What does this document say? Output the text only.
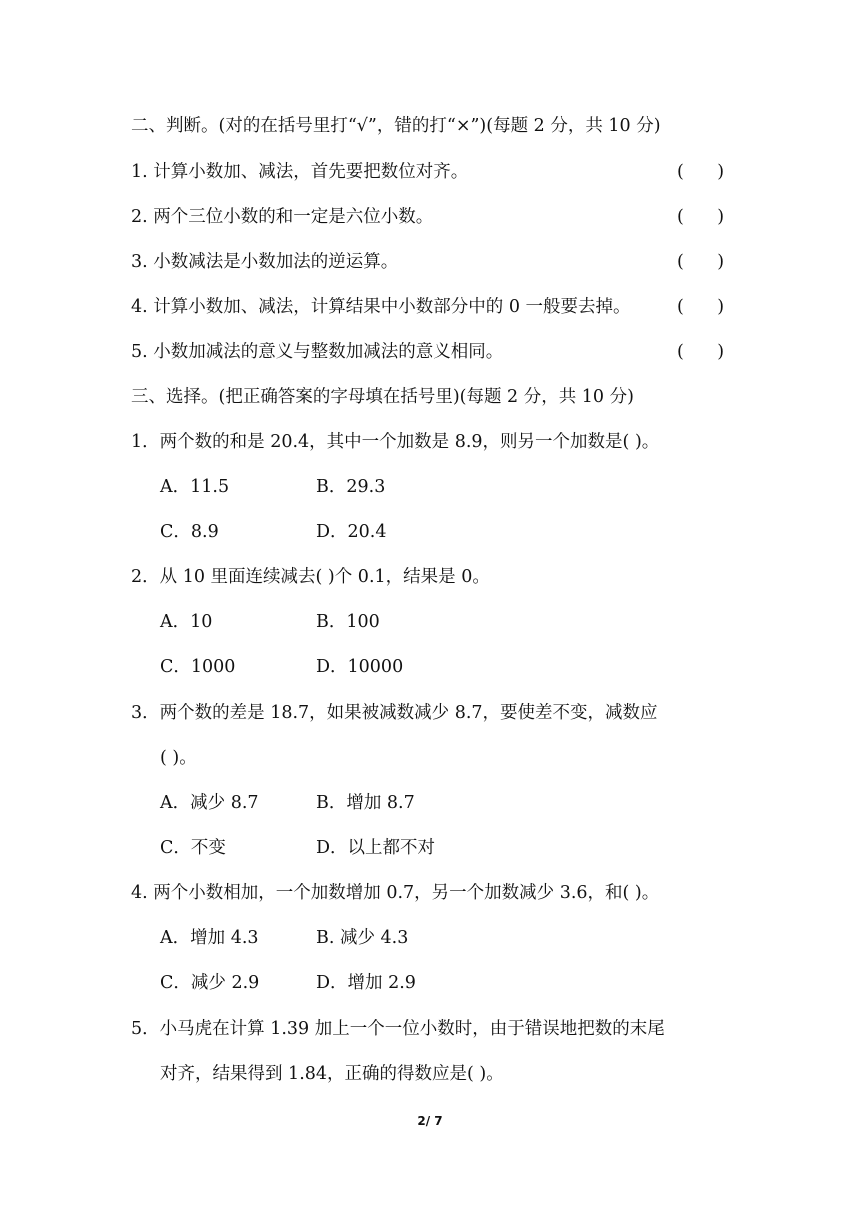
二、判断。(对的在括号里打“√”，错的打“×”)(每题 2 分，共 10 分)
1. 计算小数加、减法，首先要把数位对齐。	(      )
2. 两个三位小数的和一定是六位小数。	(      )
3. 小数减法是小数加法的逆运算。	(      )
4. 计算小数加、减法，计算结果中小数部分中的 0 一般要去掉。	(      )
5. 小数加减法的意义与整数加减法的意义相同。	(      )
三、选择。(把正确答案的字母填在括号里)(每题 2 分，共 10 分)
1．两个数的和是 20.4，其中一个加数是 8.9，则另一个加数是( )。
A．11.5	B．29.3
C．8.9	D．20.4
2．从 10 里面连续减去( )个 0.1，结果是 0。
A．10	B．100
C．1000	D．10000
3．两个数的差是 18.7，如果被减数减少 8.7，要使差不变，减数应
( )。
A．减少 8.7	B．增加 8.7
C．不变	D．以上都不对
4. 两个小数相加，一个加数增加 0.7，另一个加数减少 3.6，和( )。
A．增加 4.3	B. 减少 4.3
C．减少 2.9	D．增加 2.9
5．小马虎在计算 1.39 加上一个一位小数时，由于错误地把数的末尾
对齐，结果得到 1.84，正确的得数应是( )。
2/ 7
